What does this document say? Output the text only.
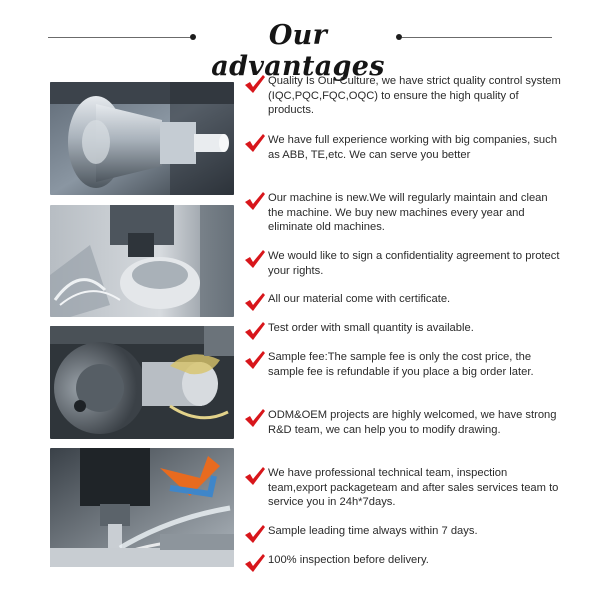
Our advantages
Quality Is Our Culture, we have strict quality control system (IQC,PQC,FQC,OQC) to ensure the high quality of products.
We have full experience working with big companies, such as ABB, TE,etc. We can serve you better
Our machine is new.We will regularly maintain and clean the machine. We buy new machines every year and eliminate old machines.
We would like to sign a confidentiality agreement to protect your rights.
All our material come with certificate.
Test order with small quantity is available.
Sample fee:The sample fee is only the cost price, the sample fee is refundable if you place a big order later.
ODM&OEM projects are highly welcomed, we have strong R&D team, we can help you to modify drawing.
We have professional technical team, inspection team,export packageteam and after sales services team to service you in 24h*7days.
Sample leading time always within 7 days.
100% inspection before delivery.
